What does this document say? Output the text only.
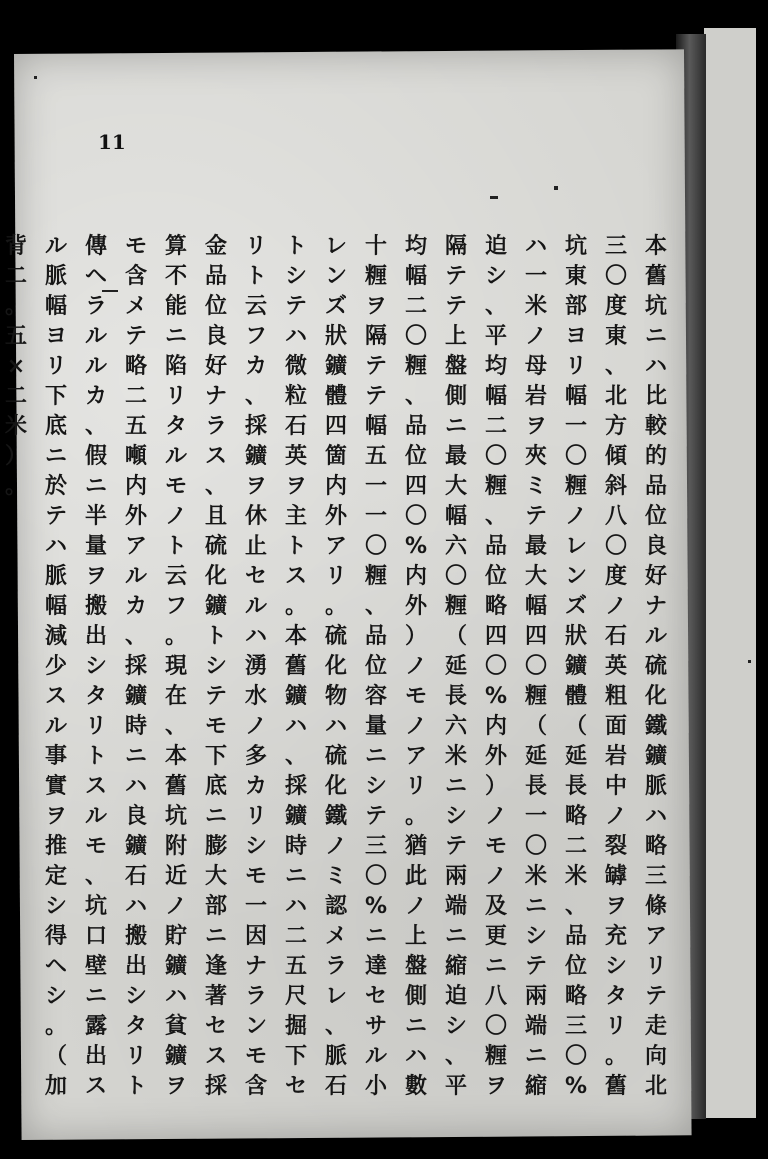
11
本
舊
坑
ニ
ハ
比
較
的
品
位
良
好
ナ
ル
硫
化
鐵
鑛
脈
ハ
略
三
條
ア
リ
テ
走
向
北
三
〇
度
東
、
北
方
傾
斜
八
〇
度
ノ
石
英
粗
面
岩
中
ノ
裂
罅
ヲ
充
シ
タ
リ
。
舊
坑
東
部
ヨ
リ
幅
一
〇
糎
ノ
レ
ン
ズ
狀
鑛
體
（
延
長
略
二
米
、
品
位
略
三
〇
%
ハ
一
米
ノ
母
岩
ヲ
夾
ミ
テ
最
大
幅
四
〇
糎
（
延
長
一
〇
米
ニ
シ
テ
兩
端
ニ
縮
迫
シ
、
平
均
幅
二
〇
糎
、
品
位
略
四
〇
%
内
外
）
ノ
モ
ノ
及
更
ニ
八
〇
糎
ヲ
隔
テ
テ
上
盤
側
ニ
最
大
幅
六
〇
糎
（
延
長
六
米
ニ
シ
テ
兩
端
ニ
縮
迫
シ
、
平
均
幅
二
〇
糎
、
品
位
四
〇
%
内
外
）
ノ
モ
ノ
ア
リ
。
猶
此
ノ
上
盤
側
ニ
ハ
數
十
糎
ヲ
隔
テ
テ
幅
五
一
一
〇
糎
、
品
位
容
量
ニ
シ
テ
三
〇
%
ニ
達
セ
サ
ル
小
レ
ン
ズ
狀
鑛
體
四
箇
内
外
ア
リ
。
硫
化
物
ハ
硫
化
鐵
ノ
ミ
認
メ
ラ
レ
、
脈
石
ト
シ
テ
ハ
微
粒
石
英
ヲ
主
ト
ス
。
本
舊
鑛
ハ
、
採
鑛
時
ニ
ハ
二
五
尺
掘
下
セ
リ
ト
云
フ
カ
、
採
鑛
ヲ
休
止
セ
ル
ハ
湧
水
ノ
多
カ
リ
シ
モ
一
因
ナ
ラ
ン
モ
含
金
品
位
良
好
ナ
ラ
ス
、
且
硫
化
鑛
ト
シ
テ
モ
下
底
ニ
膨
大
部
ニ
逢
著
セ
ス
採
算
不
能
ニ
陷
リ
タ
ル
モ
ノ
ト
云
フ
。
現
在
、
本
舊
坑
附
近
ノ
貯
鑛
ハ
貧
鑛
ヲ
モ
含
メ
テ
略
二
五
噸
内
外
ア
ル
カ
、
採
鑛
時
ニ
ハ
良
鑛
石
ハ
搬
出
シ
タ
リ
ト
傳
ヘ
ラ
ル
ル
カ
、
假
ニ
半
量
ヲ
搬
出
シ
タ
リ
ト
ス
ル
モ
、
坑
口
壁
ニ
露
出
ス
ル
脈
幅
ヨ
リ
下
底
ニ
於
テ
ハ
脈
幅
減
少
ス
ル
事
實
ヲ
推
定
シ
得
ヘ
シ
。
（
加
背
二
。
五
×
二
米
）
。
